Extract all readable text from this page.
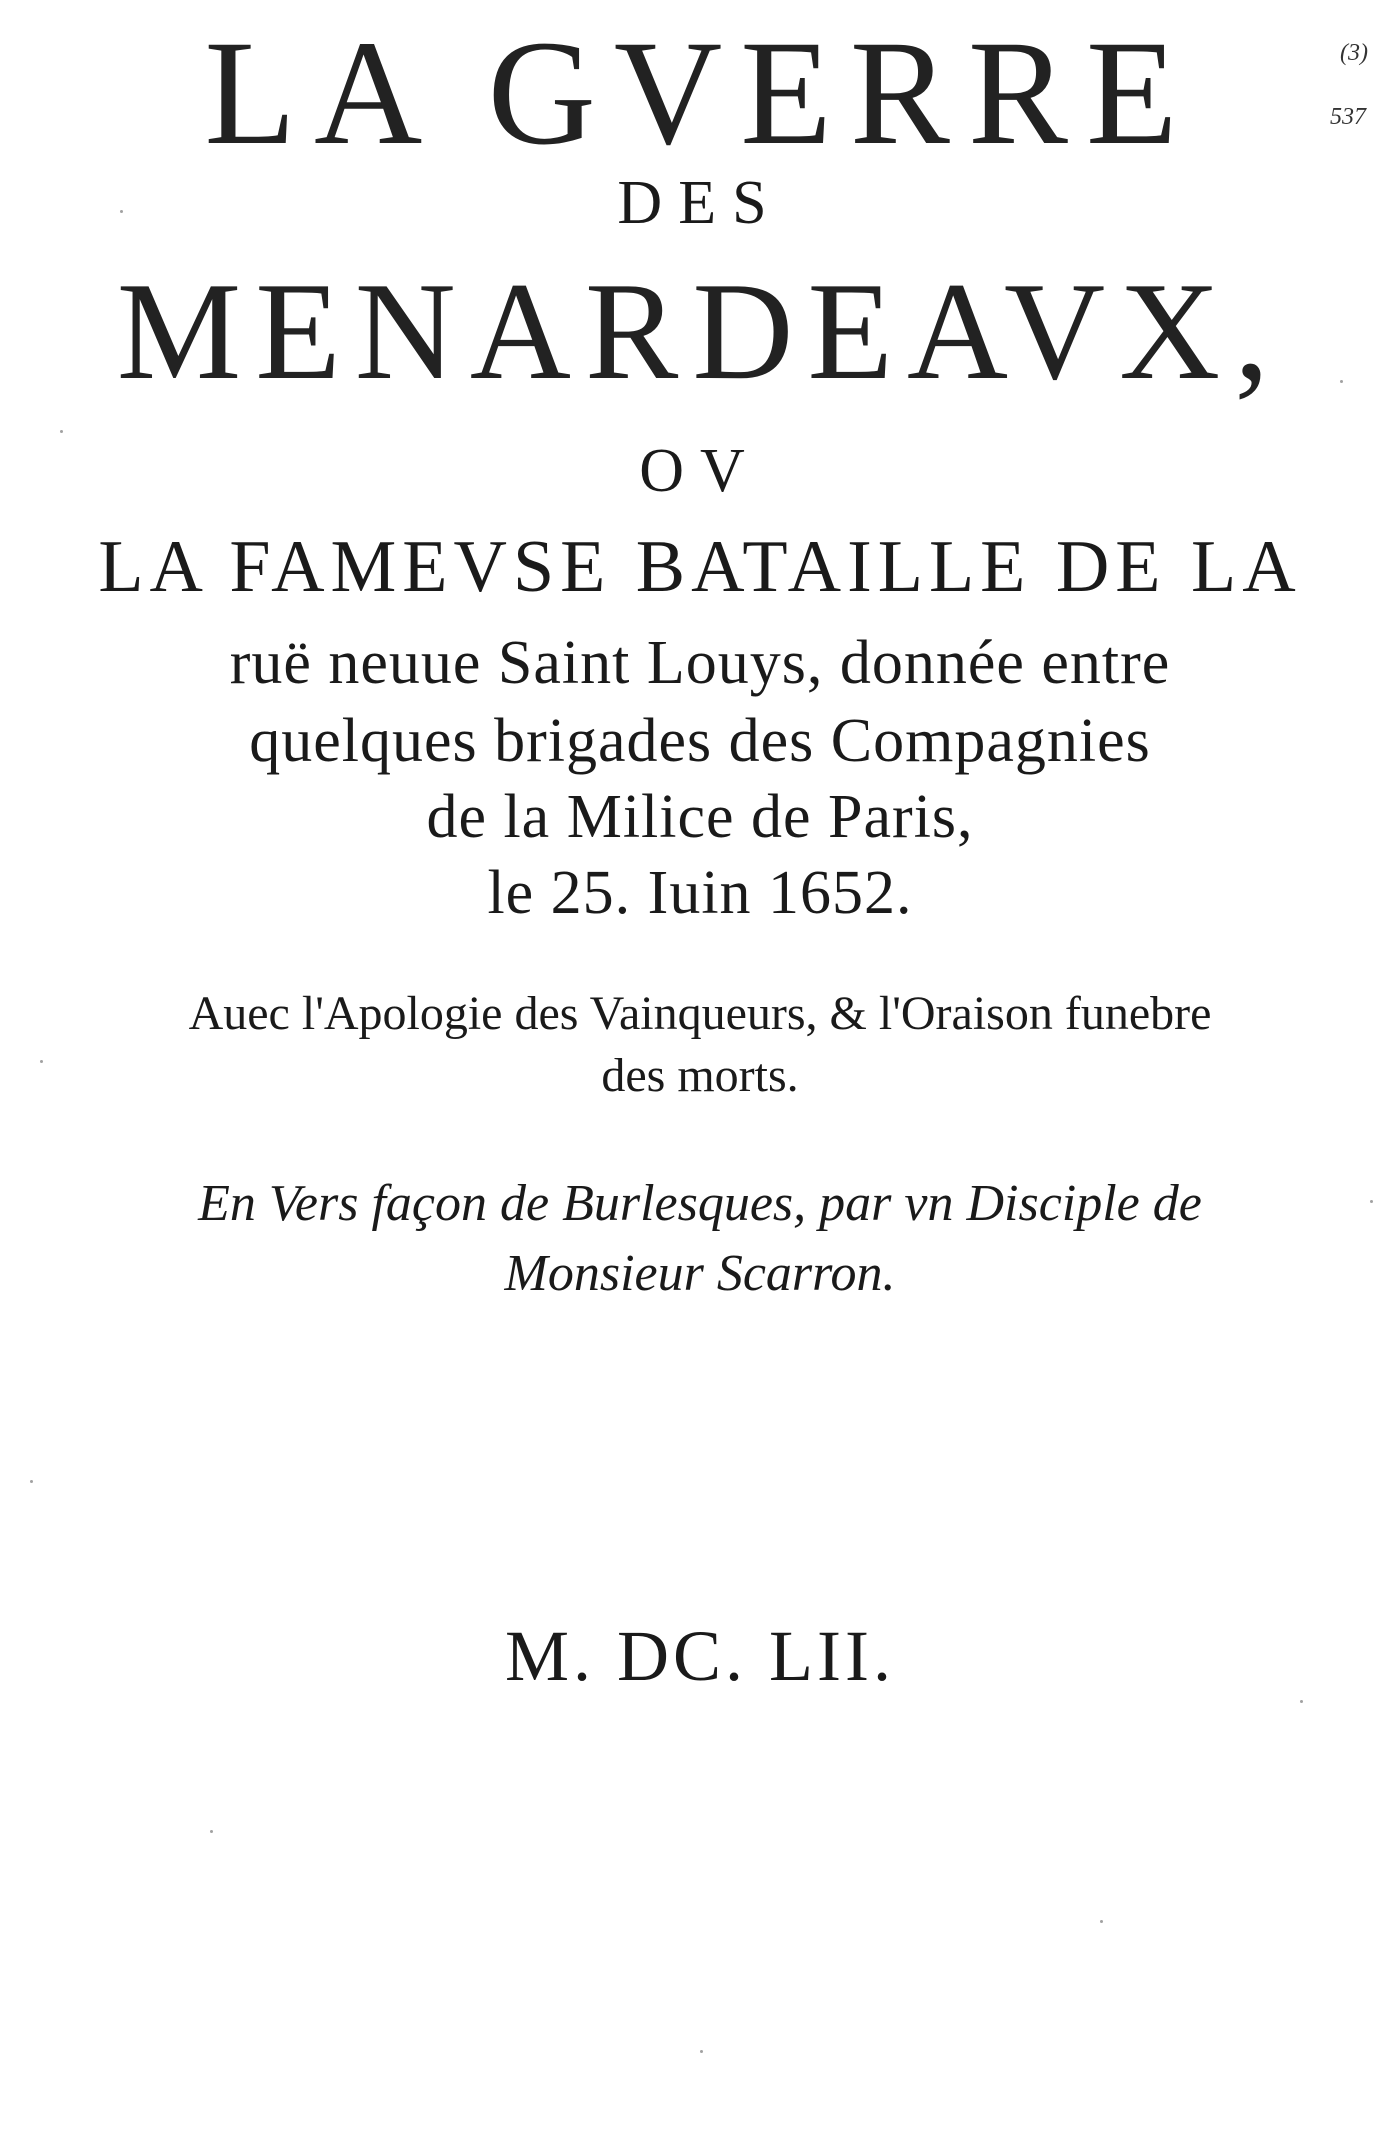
LA GVERRE
DES
MENARDEAVX,
OV
LA FAMEVSE BATAILLE DE LA
ruë neuue Saint Louys, donnée entre
quelques brigades des Compagnies
de la Milice de Paris,
le 25. Iuin 1652.
Auec l'Apologie des Vainqueurs, & l'Oraison funebre
des morts.
En Vers façon de Burlesques, par vn Disciple de
Monsieur Scarron.
M. DC. LII.
(3)
537
